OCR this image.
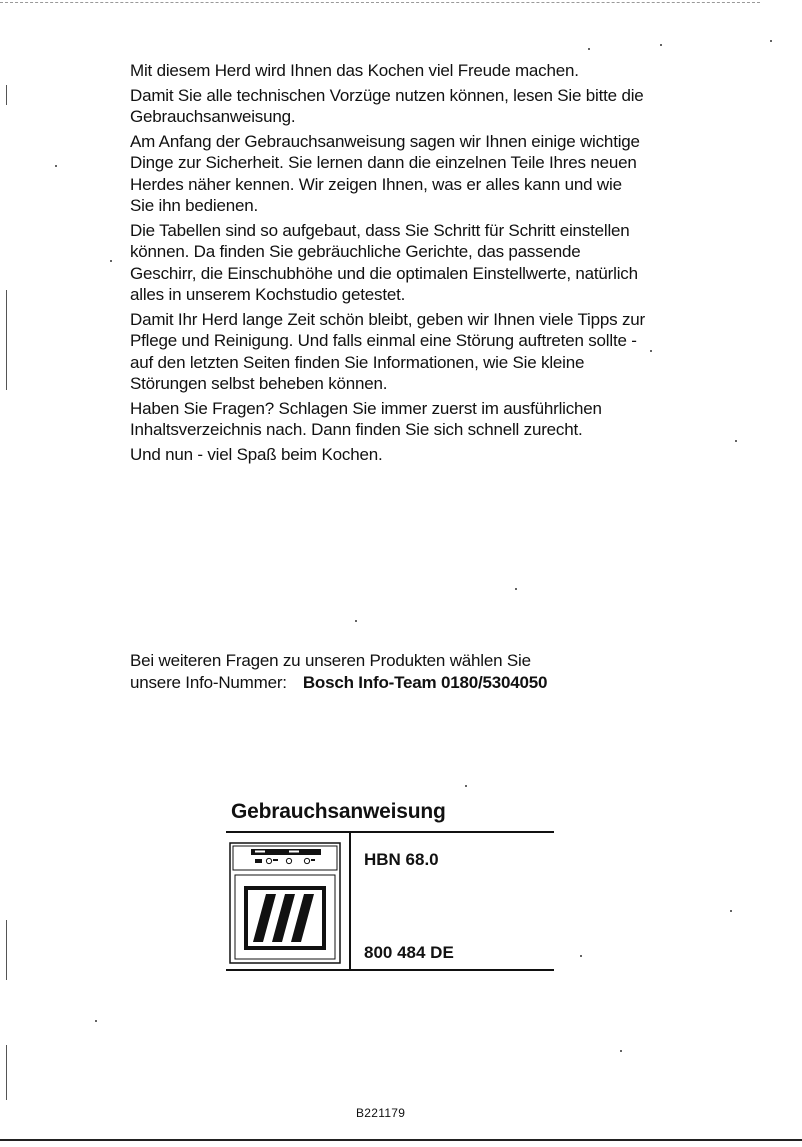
Mit diesem Herd wird Ihnen das Kochen viel Freude machen.

Damit Sie alle technischen Vorzüge nutzen können, lesen Sie bitte die Gebrauchsanweisung.

Am Anfang der Gebrauchsanweisung sagen wir Ihnen einige wichtige Dinge zur Sicherheit. Sie lernen dann die einzelnen Teile Ihres neuen Herdes näher kennen. Wir zeigen Ihnen, was er alles kann und wie Sie ihn bedienen.

Die Tabellen sind so aufgebaut, dass Sie Schritt für Schritt einstellen können. Da finden Sie gebräuchliche Gerichte, das passende Geschirr, die Einschubhöhe und die optimalen Einstellwerte, natürlich alles in unserem Kochstudio getestet.

Damit Ihr Herd lange Zeit schön bleibt, geben wir Ihnen viele Tipps zur Pflege und Reinigung. Und falls einmal eine Störung auftreten sollte - auf den letzten Seiten finden Sie Informationen, wie Sie kleine Störungen selbst beheben können.

Haben Sie Fragen? Schlagen Sie immer zuerst im ausführlichen Inhaltsverzeichnis nach. Dann finden Sie sich schnell zurecht.

Und nun - viel Spaß beim Kochen.

Bei weiteren Fragen zu unseren Produkten wählen Sie
unsere Info-Nummer: Bosch Info-Team 0180/5304050
Gebrauchsanweisung
HBN 68.0
800 484 DE
B221179
